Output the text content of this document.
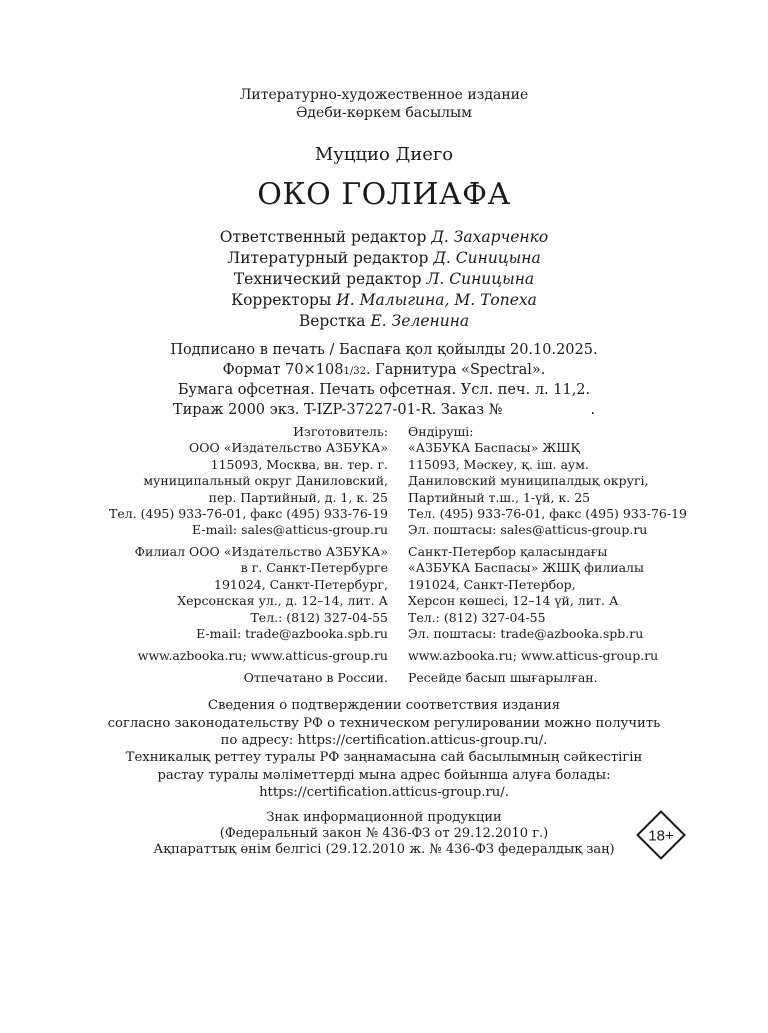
Литературно-художественное издание
Әдеби-көркем басылым
Муццио Диего
ОКО ГОЛИАФА
Ответственный редактор Д. Захарченко
Литературный редактор Д. Синицына
Технический редактор Л. Синицына
Корректоры И. Малыгина, М. Топеха
Верстка Е. Зеленина
Подписано в печать / Баспаға қол қойылды 20.10.2025.
Формат 70×1081/32. Гарнитура «Spectral».
Бумага офсетная. Печать офсетная. Усл. печ. л. 11,2.
Тираж 2000 экз. T-IZP-37227-01-R. Заказ №	.
Изготовитель:
ООО «Издательство АЗБУКА»
115093, Москва, вн. тер. г.
муниципальный округ Даниловский,
пер. Партийный, д. 1, к. 25
Тел. (495) 933-76-01, факс (495) 933-76-19
E-mail: sales@atticus-group.ru
Өндіруші:
«АЗБУКА Баспасы» ЖШҚ
115093, Мәскеу, қ. іш. аум.
Даниловский муниципалдық округі,
Партийный т.ш., 1-үй, к. 25
Тел. (495) 933-76-01, факс (495) 933-76-19
Эл. поштасы: sales@atticus-group.ru
Филиал ООО «Издательство АЗБУКА»
в г. Санкт-Петербурге
191024, Санкт-Петербург,
Херсонская ул., д. 12–14, лит. А
Тел.: (812) 327-04-55
E-mail: trade@azbooka.spb.ru
Санкт-Петербор қаласындағы
«АЗБУКА Баспасы» ЖШҚ филиалы
191024, Санкт-Петербор,
Херсон көшесі, 12–14 үй, лит. А
Тел.: (812) 327-04-55
Эл. поштасы: trade@azbooka.spb.ru
www.azbooka.ru; www.atticus-group.ru www.azbooka.ru; www.atticus-group.ru
Отпечатано в России. Ресейде басып шығарылған.
Сведения о подтверждении соответствия издания
согласно законодательству РФ о техническом регулировании можно получить
по адресу: https://certification.atticus-group.ru/.
Техникалық реттеу туралы РФ заңнамасына сай басылымның сәйкестігін
растау туралы мәліметтерді мына адрес бойынша алуға болады:
https://certification.atticus-group.ru/.
Знак информационной продукции
(Федеральный закон № 436-ФЗ от 29.12.2010 г.)
Ақпараттық өнім белгісі (29.12.2010 ж. № 436-ФЗ федералдық заң)
18+
